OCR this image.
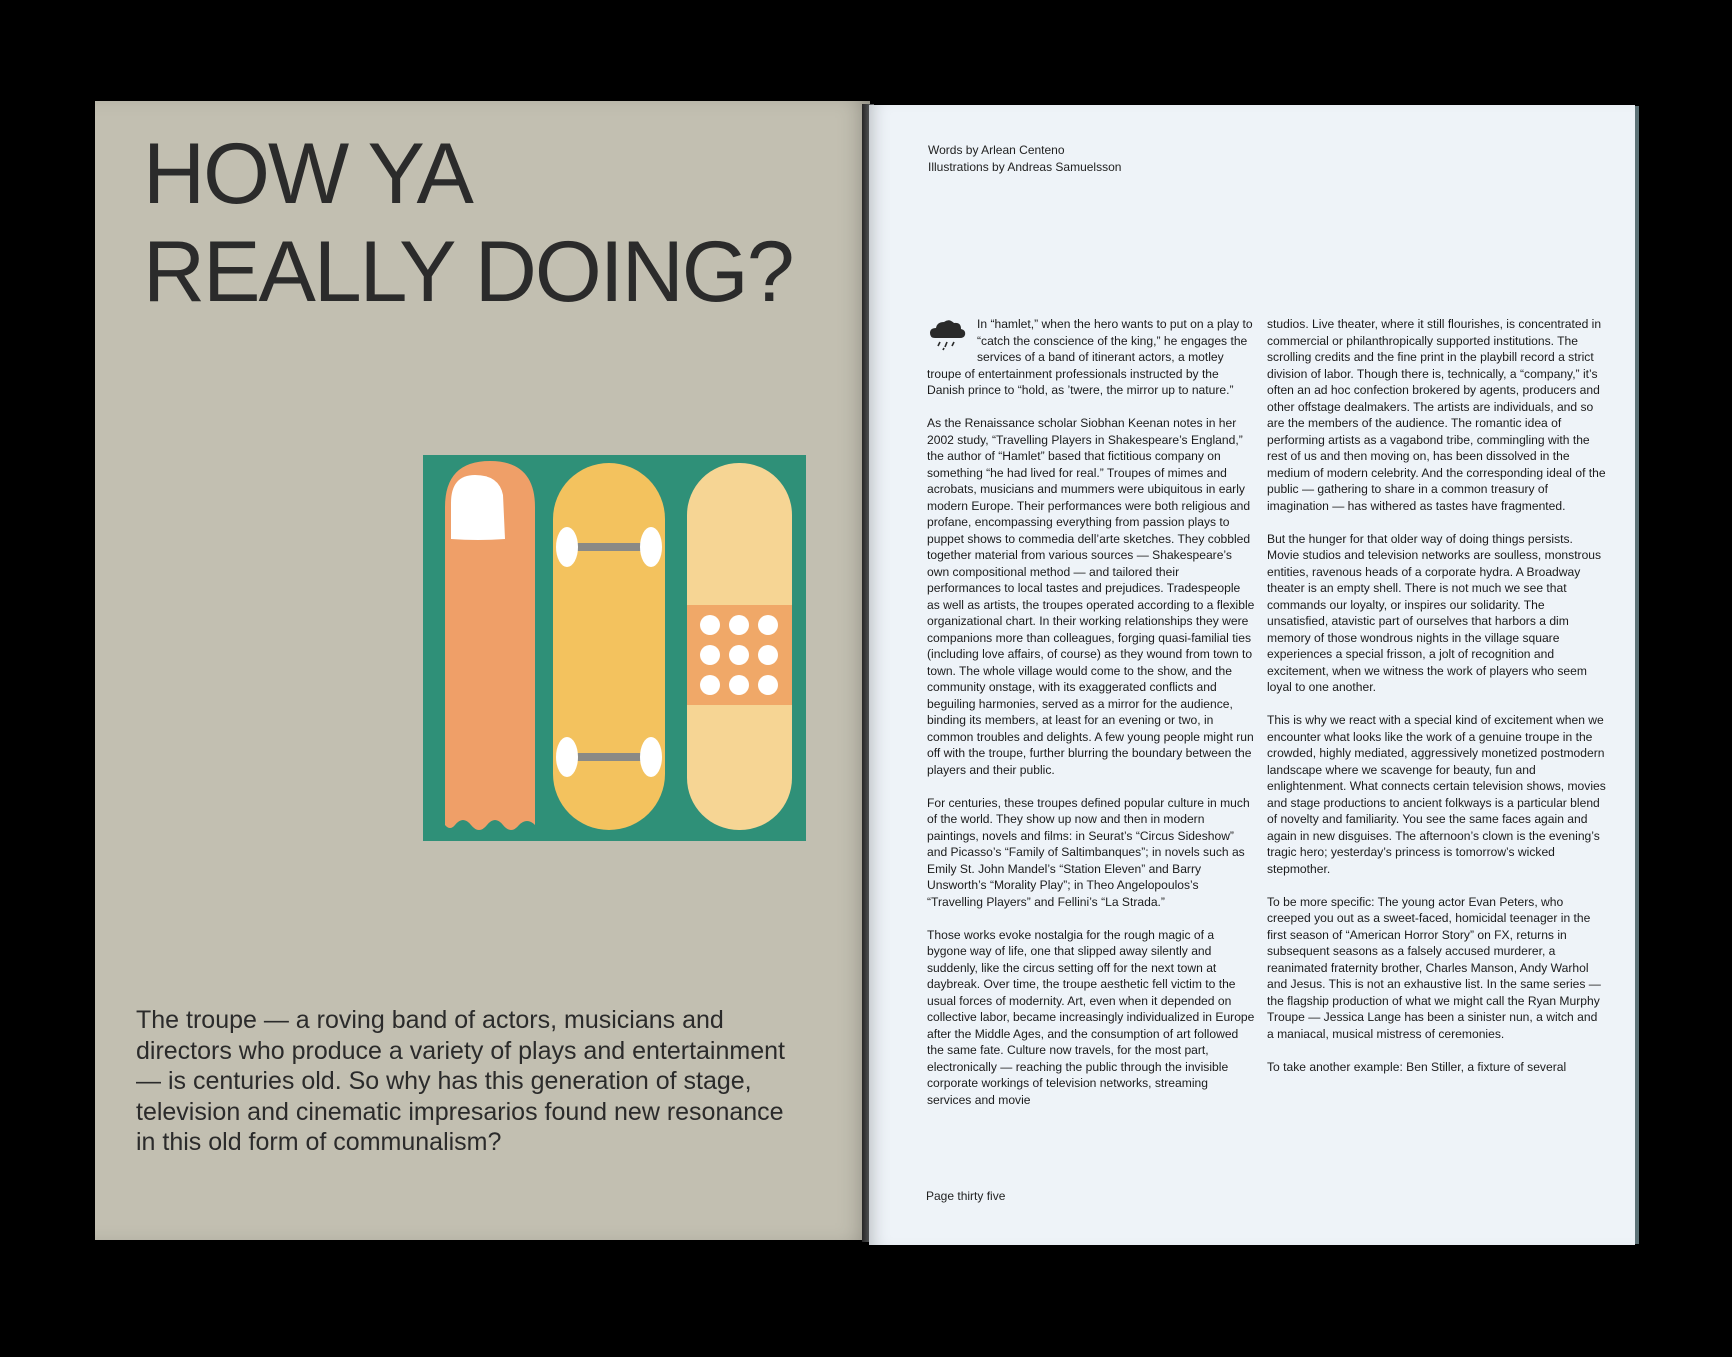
HOW YA
REALLY DOING?

The troupe — a roving band of actors, musicians and directors who produce a variety of plays and entertainment — is centuries old. So why has this generation of stage, television and cinematic impresarios found new resonance in this old form of communalism?

Words by Arlean Centeno
Illustrations by Andreas Samuelsson

In “hamlet,” when the hero wants to put on a play to “catch the conscience of the king,” he engages the services of a band of itinerant actors, a motley troupe of entertainment professionals instructed by the Danish prince to “hold, as ’twere, the mirror up to nature.”

As the Renaissance scholar Siobhan Keenan notes in her 2002 study, “Travelling Players in Shakespeare’s England,” the author of “Hamlet” based that fictitious company on something “he had lived for real.” Troupes of mimes and acrobats, musicians and mummers were ubiquitous in early modern Europe. Their performances were both religious and profane, encompassing everything from passion plays to puppet shows to commedia dell’arte sketches. They cobbled together material from various sources — Shakespeare’s own compositional method — and tailored their performances to local tastes and prejudices. Tradespeople as well as artists, the troupes operated according to a flexible organizational chart. In their working relationships they were companions more than colleagues, forging quasi-familial ties (including love affairs, of course) as they wound from town to town. The whole village would come to the show, and the community onstage, with its exaggerated conflicts and beguiling harmonies, served as a mirror for the audience, binding its members, at least for an evening or two, in common troubles and delights. A few young people might run off with the troupe, further blurring the boundary between the players and their public.

For centuries, these troupes defined popular culture in much of the world. They show up now and then in modern paintings, novels and films: in Seurat’s “Circus Sideshow” and Picasso’s “Family of Saltimbanques”; in novels such as Emily St. John Mandel’s “Station Eleven” and Barry Unsworth’s “Morality Play”; in Theo Angelopoulos’s “Travelling Players” and Fellini’s “La Strada.”

Those works evoke nostalgia for the rough magic of a bygone way of life, one that slipped away silently and suddenly, like the circus setting off for the next town at daybreak. Over time, the troupe aesthetic fell victim to the usual forces of modernity. Art, even when it depended on collective labor, became increasingly individualized in Europe after the Middle Ages, and the consumption of art followed the same fate. Culture now travels, for the most part, electronically — reaching the public through the invisible corporate workings of television networks, streaming services and movie

studios. Live theater, where it still flourishes, is concentrated in commercial or philanthropically supported institutions. The scrolling credits and the fine print in the playbill record a strict division of labor. Though there is, technically, a “company,” it’s often an ad hoc confection brokered by agents, producers and other offstage dealmakers. The artists are individuals, and so are the members of the audience. The romantic idea of performing artists as a vagabond tribe, commingling with the rest of us and then moving on, has been dissolved in the medium of modern celebrity. And the corresponding ideal of the public — gathering to share in a common treasury of imagination — has withered as tastes have fragmented.

But the hunger for that older way of doing things persists. Movie studios and television networks are soulless, monstrous entities, ravenous heads of a corporate hydra. A Broadway theater is an empty shell. There is not much we see that commands our loyalty, or inspires our solidarity. The unsatisfied, atavistic part of ourselves that harbors a dim memory of those wondrous nights in the village square experiences a special frisson, a jolt of recognition and excitement, when we witness the work of players who seem loyal to one another.

This is why we react with a special kind of excitement when we encounter what looks like the work of a genuine troupe in the crowded, highly mediated, aggressively monetized postmodern landscape where we scavenge for beauty, fun and enlightenment. What connects certain television shows, movies and stage productions to ancient folkways is a particular blend of novelty and familiarity. You see the same faces again and again in new disguises. The afternoon’s clown is the evening’s tragic hero; yesterday’s princess is tomorrow’s wicked stepmother.

To be more specific: The young actor Evan Peters, who creeped you out as a sweet-faced, homicidal teenager in the first season of “American Horror Story” on FX, returns in subsequent seasons as a falsely accused murderer, a reanimated fraternity brother, Charles Manson, Andy Warhol and Jesus. This is not an exhaustive list. In the same series — the flagship production of what we might call the Ryan Murphy Troupe — Jessica Lange has been a sinister nun, a witch and a maniacal, musical mistress of ceremonies.

To take another example: Ben Stiller, a fixture of several

Page thirty five
